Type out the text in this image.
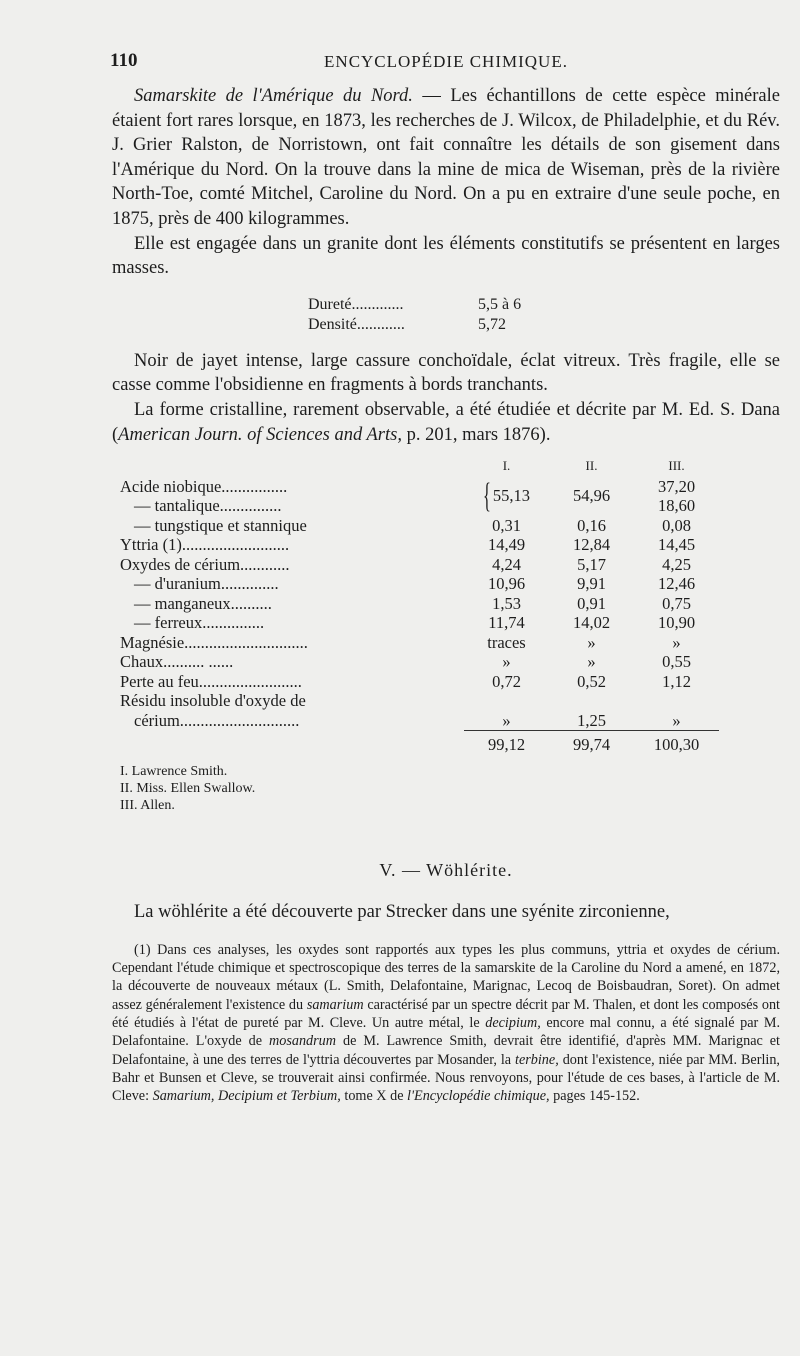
110	ENCYCLOPÉDIE CHIMIQUE.

Samarskite de l'Amérique du Nord. — Les échantillons de cette espèce minérale étaient fort rares lorsque, en 1873, les recherches de J. Wilcox, de Philadelphie, et du Rév. J. Grier Ralston, de Norristown, ont fait connaître les détails de son gisement dans l'Amérique du Nord. On la trouve dans la mine de mica de Wiseman, près de la rivière North-Toe, comté Mitchel, Caroline du Nord. On a pu en extraire d'une seule poche, en 1875, près de 400 kilogrammes.

Elle est engagée dans un granite dont les éléments constitutifs se présentent en larges masses.

Dureté.............	5,5 à 6
Densité............	5,72

Noir de jayet intense, large cassure conchoïdale, éclat vitreux. Très fragile, elle se casse comme l'obsidienne en fragments à bords tranchants.

La forme cristalline, rarement observable, a été étudiée et décrite par M. Ed. S. Dana (American Journ. of Sciences and Arts, p. 201, mars 1876).

	I.	II.	III.
Acide niobique................	{ 55,13	54,96	37,20
— tantalique...............			18,60
— tungstique et stannique	0,31	0,16	0,08
Yttria (1)..........................	14,49	12,84	14,45
Oxydes de cérium............	4,24	5,17	4,25
— d'uranium..............	10,96	9,91	12,46
— manganeux..........	1,53	0,91	0,75
— ferreux...............	11,74	14,02	10,90
Magnésie..............................	traces	»	»
Chaux.......... ......	»	»	0,55
Perte au feu.........................	0,72	0,52	1,12
Résidu insoluble d'oxyde de			
cérium.............................	»	1,25	»
	99,12	99,74	100,30
I. Lawrence Smith.
II. Miss. Ellen Swallow.
III. Allen.
V. — Wöhlérite.

La wöhlérite a été découverte par Strecker dans une syénite zirconienne,

(1) Dans ces analyses, les oxydes sont rapportés aux types les plus communs, yttria et oxydes de cérium. Cependant l'étude chimique et spectroscopique des terres de la samarskite de la Caroline du Nord a amené, en 1872, la découverte de nouveaux métaux (L. Smith, Delafontaine, Marignac, Lecoq de Boisbaudran, Soret). On admet assez généralement l'existence du samarium caractérisé par un spectre décrit par M. Thalen, et dont les composés ont été étudiés à l'état de pureté par M. Cleve. Un autre métal, le decipium, encore mal connu, a été signalé par M. Delafontaine. L'oxyde de mosandrum de M. Lawrence Smith, devrait être identifié, d'après MM. Marignac et Delafontaine, à une des terres de l'yttria découvertes par Mosander, la terbine, dont l'existence, niée par MM. Berlin, Bahr et Bunsen et Cleve, se trouverait ainsi confirmée. Nous renvoyons, pour l'étude de ces bases, à l'article de M. Cleve: Samarium, Decipium et Terbium, tome X de l'Encyclopédie chimique, pages 145-152.
